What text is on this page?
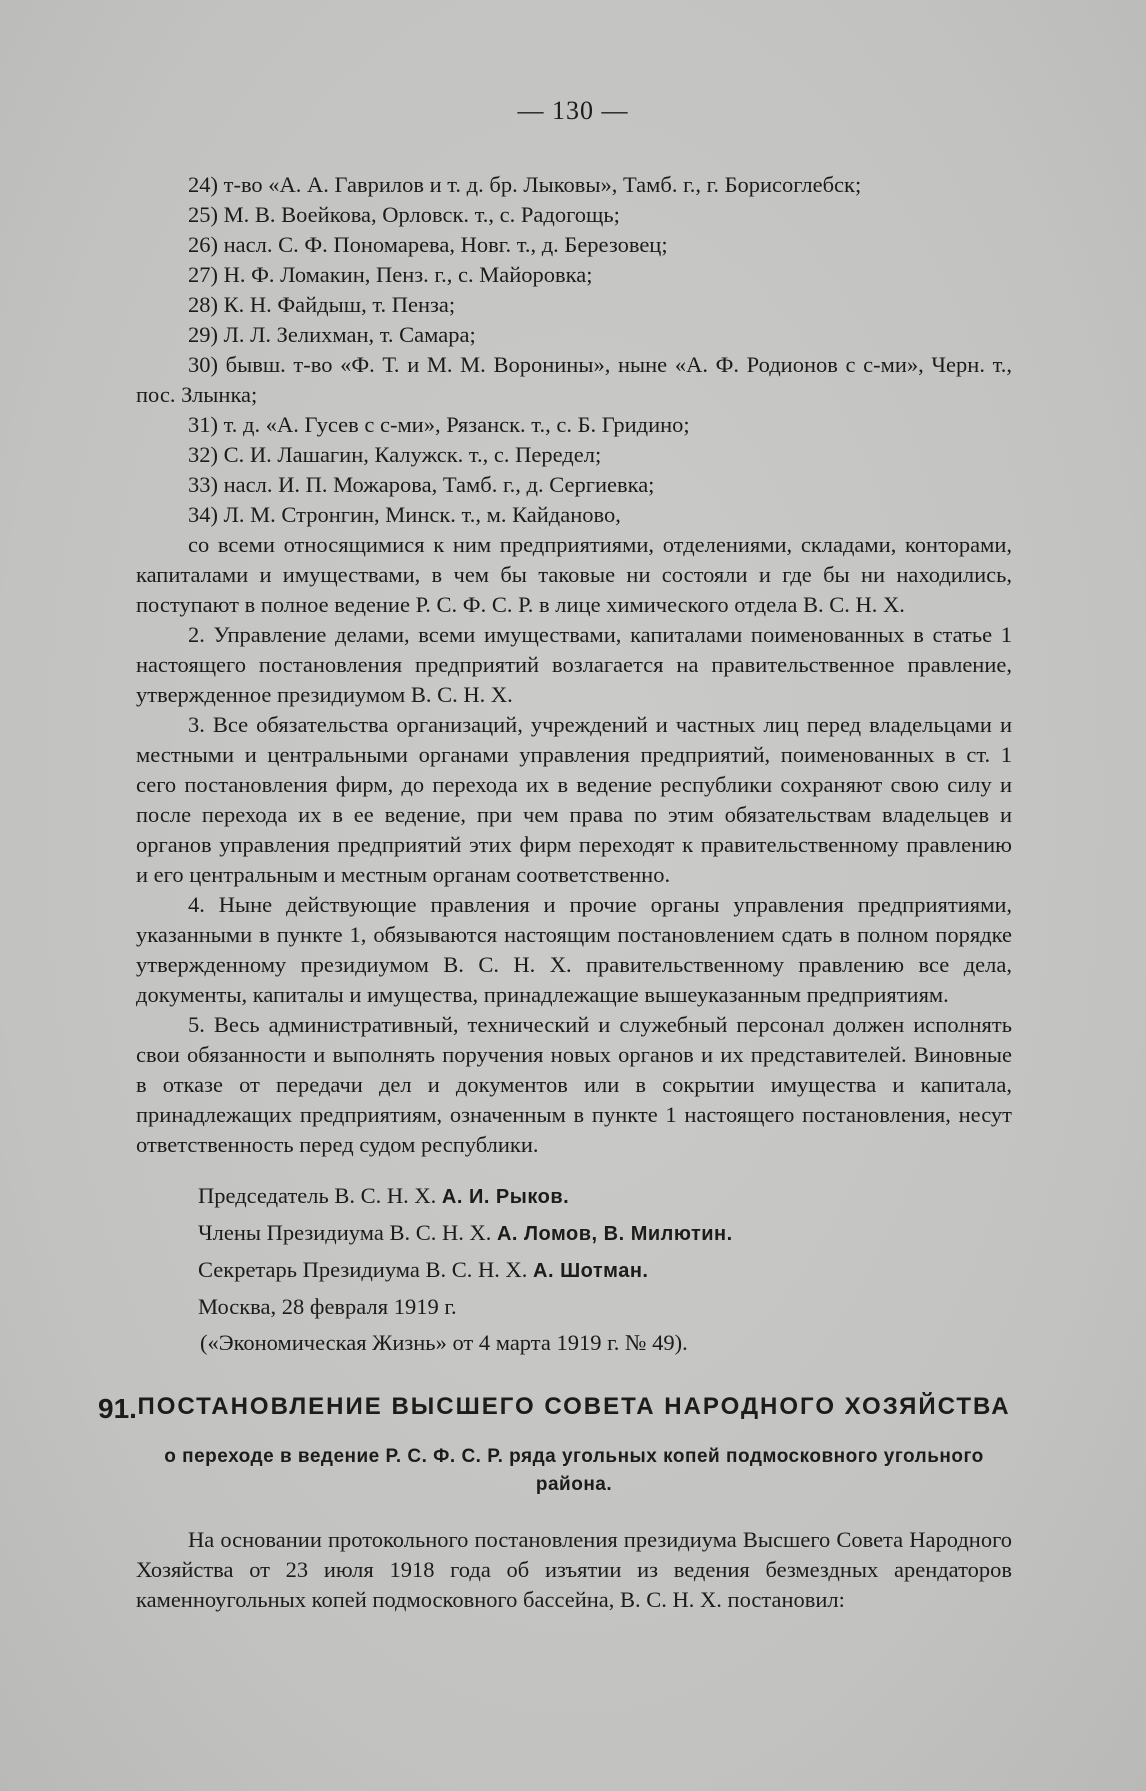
— 130 —

24) т-во «А. А. Гаврилов и т. д. бр. Лыковы», Тамб. г., г. Борисоглебск;

25) М. В. Воейкова, Орловск. т., с. Радогощь;

26) насл. С. Ф. Пономарева, Новг. т., д. Березовец;

27) Н. Ф. Ломакин, Пенз. г., с. Майоровка;

28) К. Н. Файдыш, т. Пенза;

29) Л. Л. Зелихман, т. Самара;

30) бывш. т-во «Ф. Т. и М. М. Воронины», ныне «А. Ф. Родионов с с-ми», Черн. т., пос. Злынка;

31) т. д. «А. Гусев с с-ми», Рязанск. т., с. Б. Гридино;

32) С. И. Лашагин, Калужск. т., с. Передел;

33) насл. И. П. Можарова, Тамб. г., д. Сергиевка;

34) Л. М. Стронгин, Минск. т., м. Кайданово,

со всеми относящимися к ним предприятиями, отделениями, складами, конторами, капиталами и имуществами, в чем бы таковые ни состояли и где бы ни находились, поступают в полное ведение Р. С. Ф. С. Р. в лице химического отдела В. С. Н. Х.

2. Управление делами, всеми имуществами, капиталами поименованных в статье 1 настоящего постановления предприятий возлагается на правительственное правление, утвержденное президиумом В. С. Н. Х.

3. Все обязательства организаций, учреждений и частных лиц перед владельцами и местными и центральными органами управления предприятий, поименованных в ст. 1 сего постановления фирм, до перехода их в ведение республики сохраняют свою силу и после перехода их в ее ведение, при чем права по этим обязательствам владельцев и органов управления предприятий этих фирм переходят к правительственному правлению и его центральным и местным органам соответственно.

4. Ныне действующие правления и прочие органы управления предприятиями, указанными в пункте 1, обязываются настоящим постановлением сдать в полном порядке утвержденному президиумом В. С. Н. Х. правительственному правлению все дела, документы, капиталы и имущества, принадлежащие вышеуказанным предприятиям.

5. Весь административный, технический и служебный персонал должен исполнять свои обязанности и выполнять поручения новых органов и их представителей. Виновные в отказе от передачи дел и документов или в сокрытии имущества и капитала, принадлежащих предприятиям, означенным в пункте 1 настоящего постановления, несут ответственность перед судом республики.

Председатель В. С. Н. Х. А. И. Рыков.
Члены Президиума В. С. Н. Х. А. Ломов, В. Милютин.
Секретарь Президиума В. С. Н. Х. А. Шотман.
Москва, 28 февраля 1919 г.
(«Экономическая Жизнь» от 4 марта 1919 г. № 49).
91. ПОСТАНОВЛЕНИЕ ВЫСШЕГО СОВЕТА НАРОДНОГО ХОЗЯЙСТВА
о переходе в ведение Р. С. Ф. С. Р. ряда угольных копей подмосковного угольного района.

На основании протокольного постановления президиума Высшего Совета Народного Хозяйства от 23 июля 1918 года об изъятии из ведения безмездных арендаторов каменноугольных копей подмосковного бассейна, В. С. Н. Х. постановил:
